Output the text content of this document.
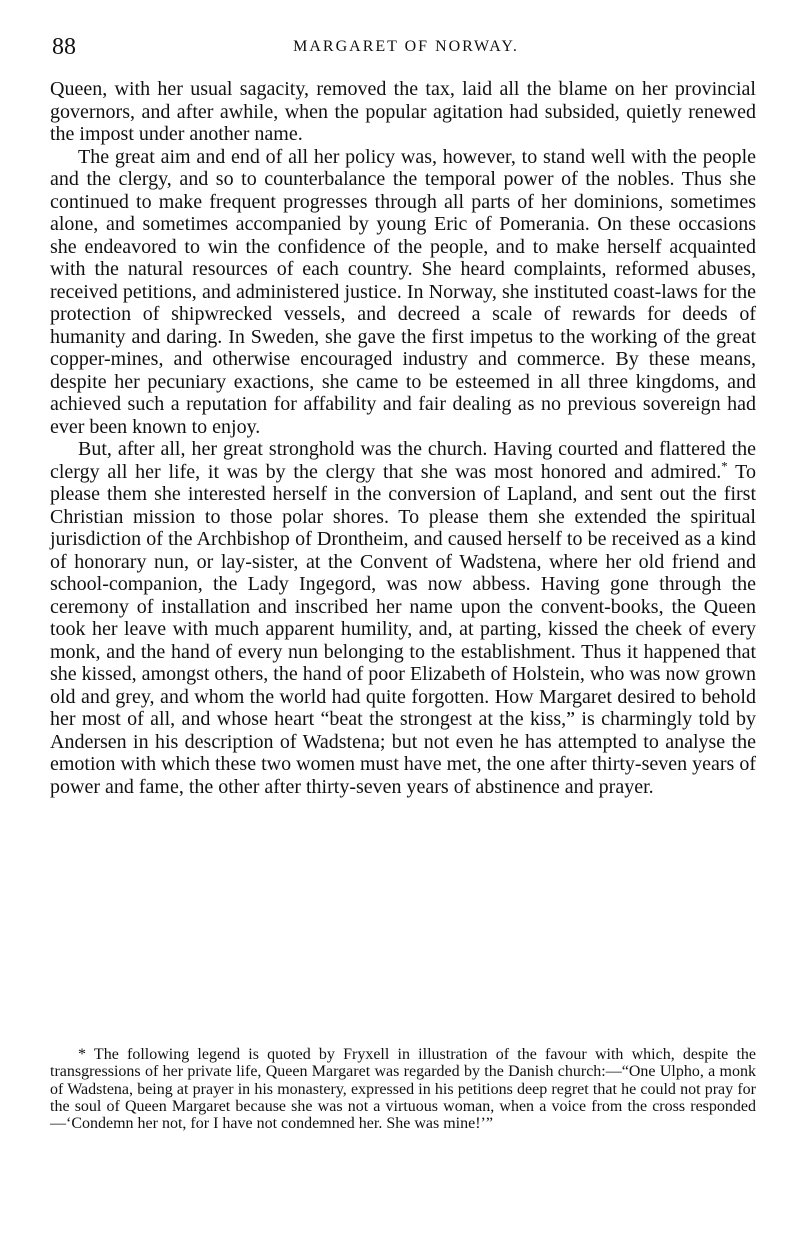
88	MARGARET OF NORWAY.

Queen, with her usual sagacity, removed the tax, laid all the blame on her provincial governors, and after awhile, when the popular agitation had subsided, quietly renewed the impost under another name.

The great aim and end of all her policy was, however, to stand well with the people and the clergy, and so to counterbalance the temporal power of the nobles. Thus she continued to make frequent progresses through all parts of her dominions, sometimes alone, and sometimes accompanied by young Eric of Pomerania. On these occasions she endeavored to win the confidence of the people, and to make herself acquainted with the natural resources of each country. She heard complaints, reformed abuses, received petitions, and administered justice. In Norway, she instituted coast-laws for the protection of shipwrecked vessels, and decreed a scale of rewards for deeds of humanity and daring. In Sweden, she gave the first impetus to the working of the great copper-mines, and otherwise encouraged industry and commerce. By these means, despite her pecuniary exactions, she came to be esteemed in all three kingdoms, and achieved such a reputation for affability and fair dealing as no previous sovereign had ever been known to enjoy.

But, after all, her great stronghold was the church. Having courted and flattered the clergy all her life, it was by the clergy that she was most honored and admired.* To please them she interested herself in the conversion of Lapland, and sent out the first Christian mission to those polar shores. To please them she extended the spiritual jurisdiction of the Archbishop of Drontheim, and caused herself to be received as a kind of honorary nun, or lay-sister, at the Convent of Wadstena, where her old friend and school-companion, the Lady Ingegord, was now abbess. Having gone through the ceremony of installation and inscribed her name upon the convent-books, the Queen took her leave with much apparent humility, and, at parting, kissed the cheek of every monk, and the hand of every nun belonging to the establishment. Thus it happened that she kissed, amongst others, the hand of poor Elizabeth of Holstein, who was now grown old and grey, and whom the world had quite forgotten. How Margaret desired to behold her most of all, and whose heart “beat the strongest at the kiss,” is charmingly told by Andersen in his description of Wadstena; but not even he has attempted to analyse the emotion with which these two women must have met, the one after thirty-seven years of power and fame, the other after thirty-seven years of abstinence and prayer.

* The following legend is quoted by Fryxell in illustration of the favour with which, despite the transgressions of her private life, Queen Margaret was regarded by the Danish church:—“One Ulpho, a monk of Wadstena, being at prayer in his monastery, expressed in his petitions deep regret that he could not pray for the soul of Queen Margaret because she was not a virtuous woman, when a voice from the cross responded—‘Condemn her not, for I have not condemned her. She was mine!’”
